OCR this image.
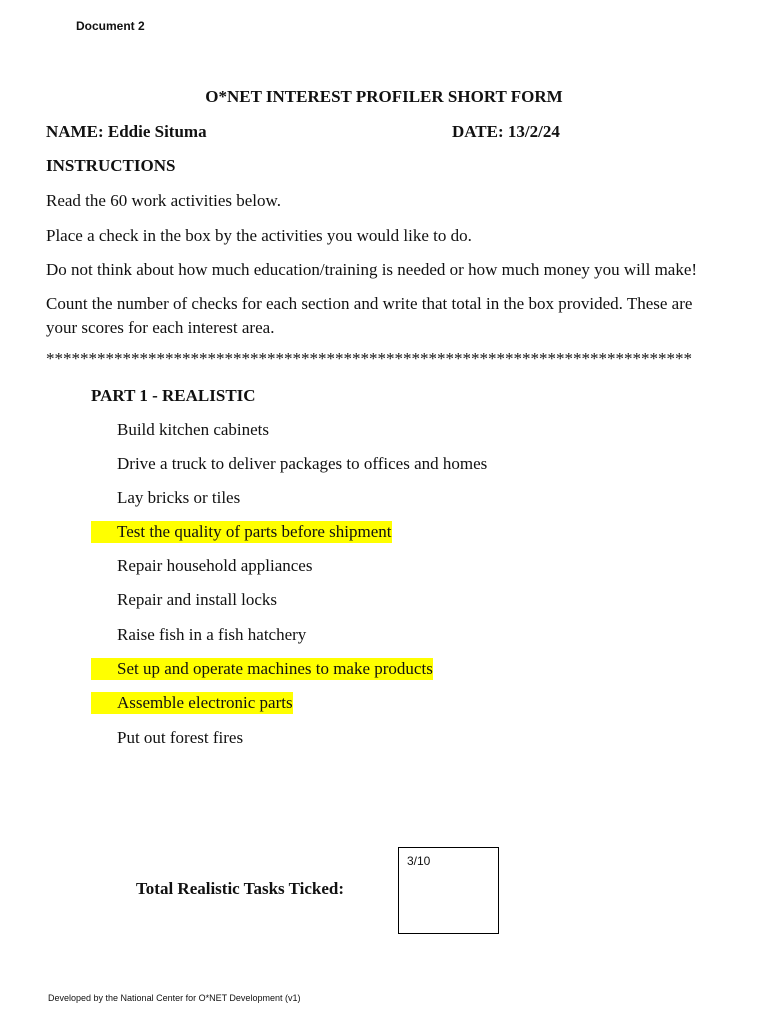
Document 2
O*NET INTEREST PROFILER SHORT FORM
NAME: Eddie Situma	DATE: 13/2/24
INSTRUCTIONS
Read the 60 work activities below.
Place a check in the box by the activities you would like to do.
Do not think about how much education/training is needed or how much money you will make!
Count the number of checks for each section and write that total in the box provided. These are your scores for each interest area.
****************************************************************************
PART 1 - REALISTIC
Build kitchen cabinets
Drive a truck to deliver packages to offices and homes
Lay bricks or tiles
Test the quality of parts before shipment
Repair household appliances
Repair and install locks
Raise fish in a fish hatchery
Set up and operate machines to make products
Assemble electronic parts
Put out forest fires
Total Realistic Tasks Ticked:
3/10
Developed by the National Center for O*NET Development (v1)
